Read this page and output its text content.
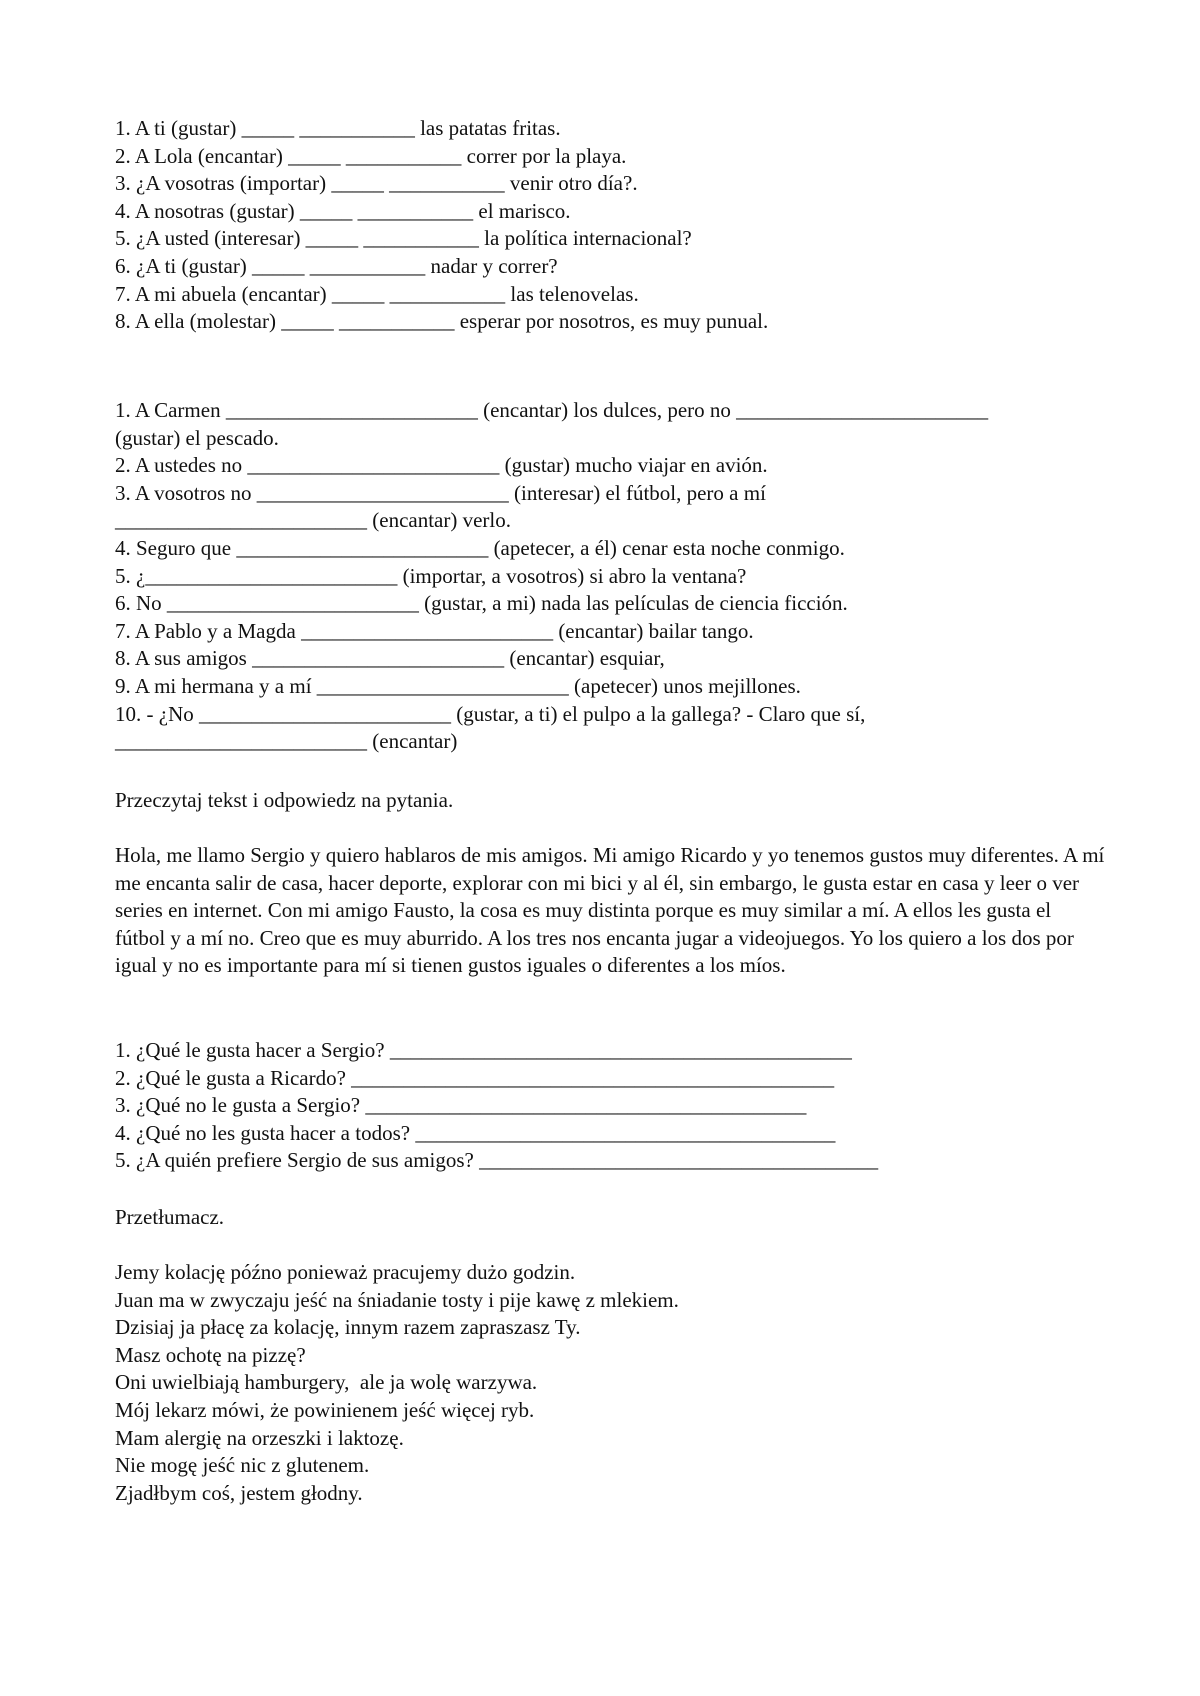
1. A ti (gustar) _____ ___________ las patatas fritas.

2. A Lola (encantar) _____ ___________ correr por la playa.

3. ¿A vosotras (importar) _____ ___________ venir otro día?.

4. A nosotras (gustar) _____ ___________ el marisco.

5. ¿A usted (interesar) _____ ___________ la política internacional?

6. ¿A ti (gustar) _____ ___________ nadar y correr?

7. A mi abuela (encantar) _____ ___________ las telenovelas.

8. A ella (molestar) _____ ___________ esperar por nosotros, es muy punual.

1. A Carmen ________________________ (encantar) los dulces, pero no ________________________

(gustar) el pescado.

2. A ustedes no ________________________ (gustar) mucho viajar en avión.

3. A vosotros no ________________________ (interesar) el fútbol, pero a mí

________________________ (encantar) verlo.

4. Seguro que ________________________ (apetecer, a él) cenar esta noche conmigo.

5. ¿________________________ (importar, a vosotros) si abro la ventana?

6. No ________________________ (gustar, a mi) nada las películas de ciencia ficción.

7. A Pablo y a Magda ________________________ (encantar) bailar tango.

8. A sus amigos ________________________ (encantar) esquiar,

9. A mi hermana y a mí ________________________ (apetecer) unos mejillones.

10. - ¿No ________________________ (gustar, a ti) el pulpo a la gallega? - Claro que sí,

________________________ (encantar)

Przeczytaj tekst i odpowiedz na pytania.

Hola, me llamo Sergio y quiero hablaros de mis amigos. Mi amigo Ricardo y yo tenemos gustos muy diferentes. A mí me encanta salir de casa, hacer deporte, explorar con mi bici y al él, sin embargo, le gusta estar en casa y leer o ver series en internet. Con mi amigo Fausto, la cosa es muy distinta porque es muy similar a mí. A ellos les gusta el fútbol y a mí no. Creo que es muy aburrido. A los tres nos encanta jugar a videojuegos. Yo los quiero a los dos por igual y no es importante para mí si tienen gustos iguales o diferentes a los míos.

1. ¿Qué le gusta hacer a Sergio? ____________________________________________

2. ¿Qué le gusta a Ricardo? ______________________________________________

3. ¿Qué no le gusta a Sergio? __________________________________________

4. ¿Qué no les gusta hacer a todos? ________________________________________

5. ¿A quién prefiere Sergio de sus amigos? ______________________________________

Przetłumacz.

Jemy kolację późno ponieważ pracujemy dużo godzin.

Juan ma w zwyczaju jeść na śniadanie tosty i pije kawę z mlekiem.

Dzisiaj ja płacę za kolację, innym razem zapraszasz Ty.

Masz ochotę na pizzę?

Oni uwielbiają hamburgery,  ale ja wolę warzywa.

Mój lekarz mówi, że powinienem jeść więcej ryb.

Mam alergię na orzeszki i laktozę.

Nie mogę jeść nic z glutenem.

Zjadłbym coś, jestem głodny.
